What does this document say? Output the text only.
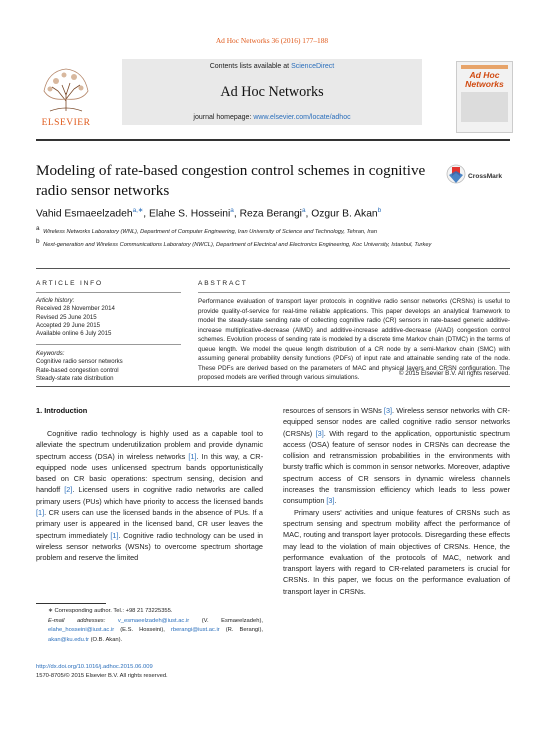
Ad Hoc Networks 36 (2016) 177–188
ELSEVIER
Contents lists available at ScienceDirect
Ad Hoc Networks
journal homepage: www.elsevier.com/locate/adhoc
Ad Hoc
Networks
Modeling of rate-based congestion control schemes in cognitive
radio sensor networks
CrossMark
Vahid Esmaeelzadeh$^{a,∗}$, Elahe S. Hosseini$^a$, Reza Berangi$^a$, Ozgur B. Akan$^b$
a Wireless Networks Laboratory (WNL), Department of Computer Engineering, Iran University of Science and Technology, Tehran, Iran
b Next-generation and Wireless Communications Laboratory (NWCL), Department of Electrical and Electronics Engineering, Koc University, Istanbul, Turkey
ARTICLE INFO
Article history:
Received 28 November 2014
Revised 25 June 2015
Accepted 29 June 2015
Available online 6 July 2015
Keywords:
Cognitive radio sensor networks
Rate-based congestion control
Steady-state rate distribution
ABSTRACT
Performance evaluation of transport layer protocols in cognitive radio sensor networks (CRSNs) is useful to provide quality-of-service for real-time reliable applications. This paper develops an analytical framework to model the steady-state sending rate of collecting cognitive radio (CR) sensors in rate-based generic additive-increase multiplicative-decrease (AIMD) and additive-increase additive-decrease (AIAD) congestion control schemes. Evolution process of sending rate is modeled by a discrete time Markov chain (DTMC) in the terms of queue length. We model the queue length distribution of a CR node by a semi-Markov chain (SMC) with assuming general probability density functions (PDFs) of input rate and attainable sending rate of the node. These PDFs are derived based on the parameters of MAC and physical layers and CRSN configuration. The proposed models are verified through various simulations.
© 2015 Elsevier B.V. All rights reserved.
1. Introduction
Cognitive radio technology is highly used as a capable tool to alleviate the spectrum underutilization problem and provide dynamic spectrum access (DSA) in wireless networks [1]. In this way, a CR-equipped node uses unlicensed spectrum bands opportunistically based on CR basic operations: spectrum sensing, decision and handoff [2]. Licensed users in cognitive radio networks are called primary users (PUs) which have priority to access the licensed bands [1]. CR users can use the licensed bands in the absence of PUs. If a primary user is appeared in the licensed band, CR user leaves the spectrum immediately [1]. Cognitive radio technology can be used in wireless sensor networks (WSNs) to overcome spectrum shortage problem and reserve the limited
resources of sensors in WSNs [3]. Wireless sensor networks with CR-equipped sensor nodes are called cognitive radio sensor networks (CRSNs) [3]. With regard to the application, opportunistic spectrum access (OSA) feature of sensor nodes in CRSNs can decrease the collision and retransmission probabilities in the environments with bursty traffic which is common in sensor networks. Moreover, adaptive spectrum access of CR sensors in dynamic wireless channels increases the transmission efficiency which leads to less power consumption [3].
Primary users' activities and unique features of CRSNs such as spectrum sensing and spectrum mobility affect the performance of MAC, routing and transport layer protocols. Disregarding these effects may lead to the violation of main objectives of CRSNs. Hence, the performance evaluation of the protocols of MAC, network and transport layers with regard to CR-related parameters is crucial for CRSNs. In this paper, we focus on the performance evaluation of transport layer in CRSNs.
∗ Corresponding author. Tel.: +98 21 73225355.
E-mail addresses: v_esmaeelzadeh@iust.ac.ir (V. Esmaeelzadeh), elahe_hosseini@iust.ac.ir (E.S. Hosseini), rberangi@iust.ac.ir (R. Berangi), akan@ku.edu.tr (O.B. Akan).
http://dx.doi.org/10.1016/j.adhoc.2015.06.009
1570-8705/© 2015 Elsevier B.V. All rights reserved.
